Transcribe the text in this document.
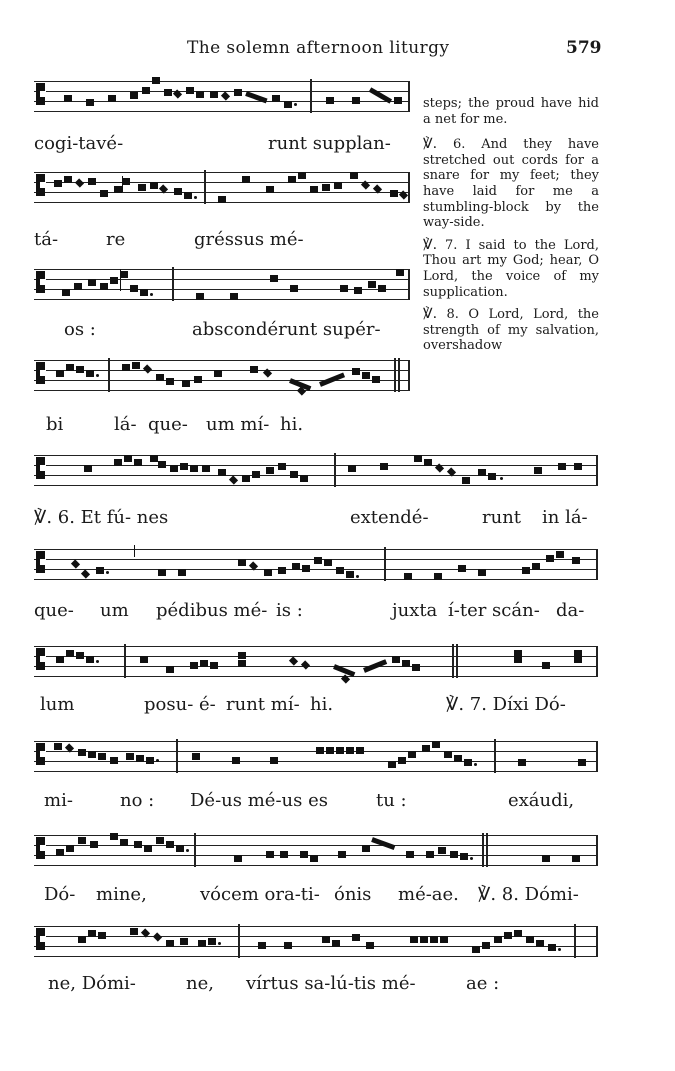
The solemn afternoon liturgy	579
cogi-tavé-	runt supplan-
tá-	re	gréssus mé-
os :	abscondérunt supér-
bi	lá- que- um mí- hi.
℣. 6. Et fú- nes	extendé-	runt in lá-
que- um pédibus mé- is :	juxta í-ter scán- da-
lum	posu- é- runt mí- hi.	℣. 7. Díxi Dó-
mi-	no : Dé-us mé-us es	tu :	exáudi,
Dó- mine,	vócem ora-ti- ónis mé-ae. ℣. 8. Dómi-
ne, Dómi-	ne, vírtus sa-lú-tis mé-	ae :

steps; the proud have hid a net for me.

℣. 6. And they have stretched out cords for a snare for my feet; they have laid for me a stumbling-block by the way-side.

℣. 7. I said to the Lord, Thou art my God; hear, O Lord, the voice of my supplication.

℣. 8. O Lord, Lord, the strength of my salvation, overshadow
